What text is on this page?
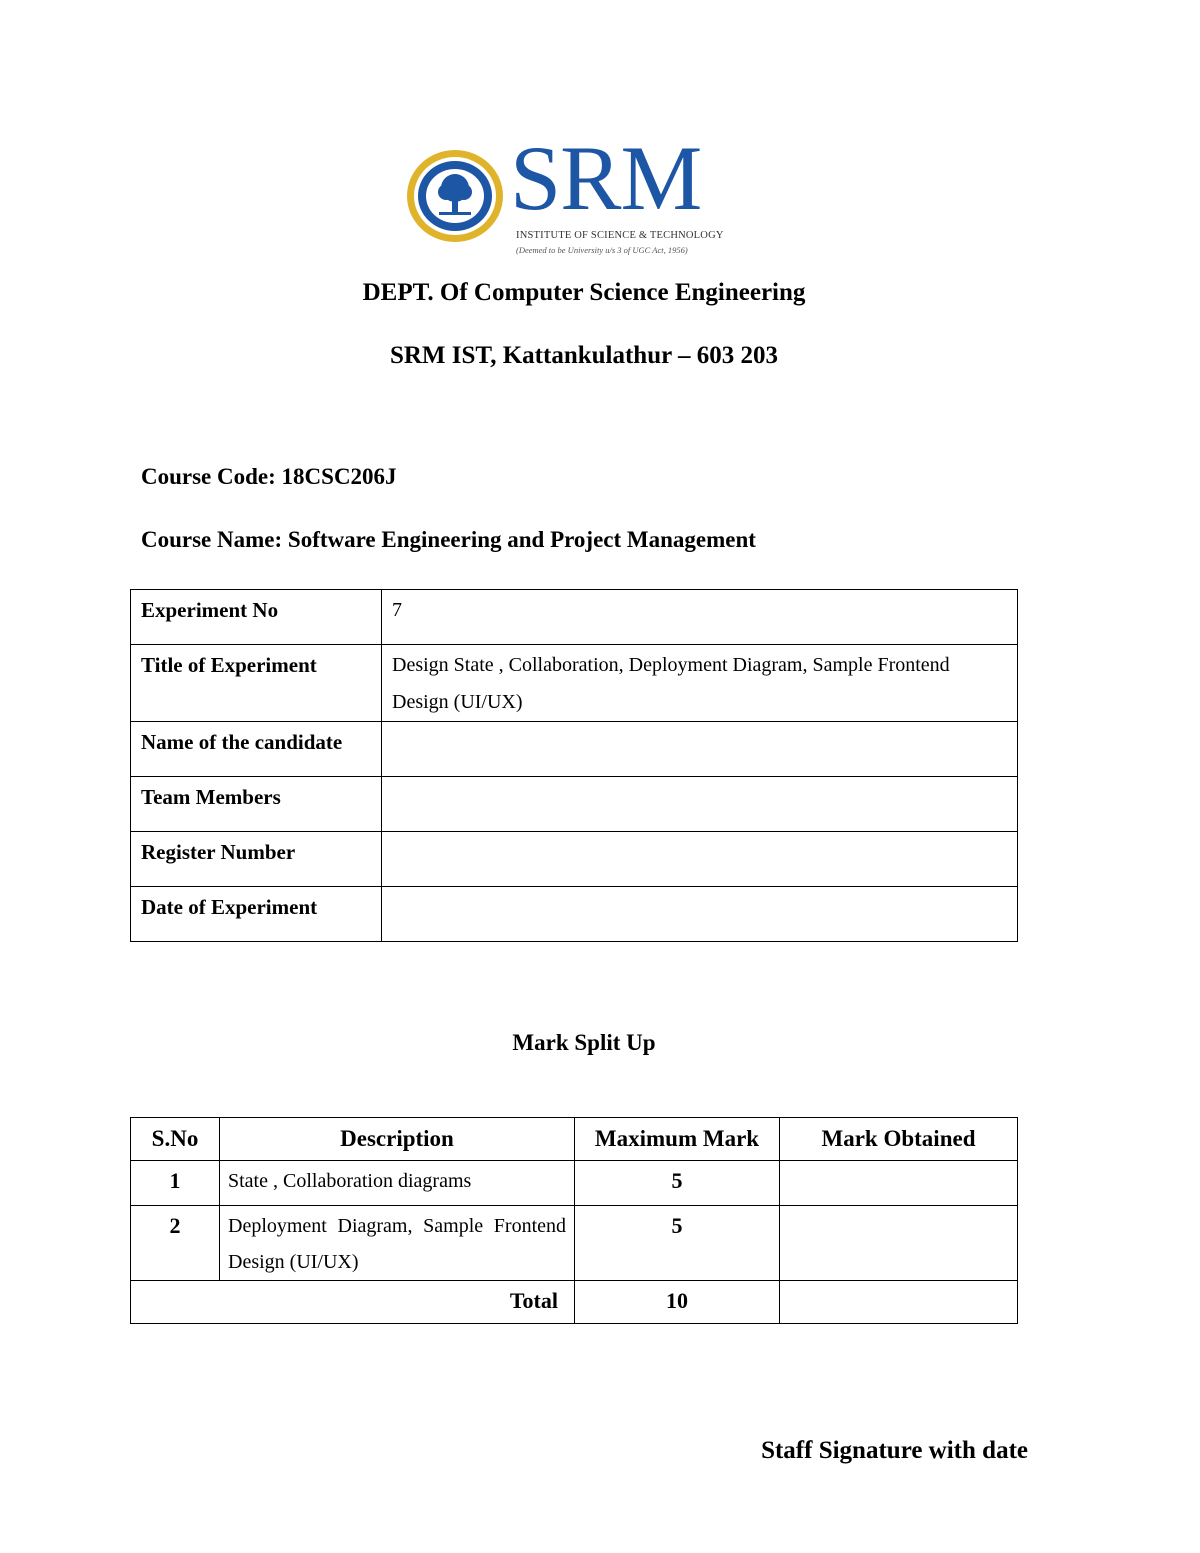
SRM
INSTITUTE OF SCIENCE & TECHNOLOGY
(Deemed to be University u/s 3 of UGC Act, 1956)
DEPT. Of Computer Science Engineering
SRM IST, Kattankulathur – 603 203
Course Code: 18CSC206J
Course Name: Software Engineering and Project Management
Experiment No	7
Title of Experiment	Design State , Collaboration, Deployment Diagram, Sample Frontend Design (UI/UX)
Name of the candidate	
Team Members	
Register Number	
Date of Experiment	
Mark Split Up
S.No	Description	Maximum Mark	Mark Obtained
1	State , Collaboration diagrams	5	
2	Deployment Diagram, Sample Frontend Design (UI/UX)	5	
Total		10	
Staff Signature with date
